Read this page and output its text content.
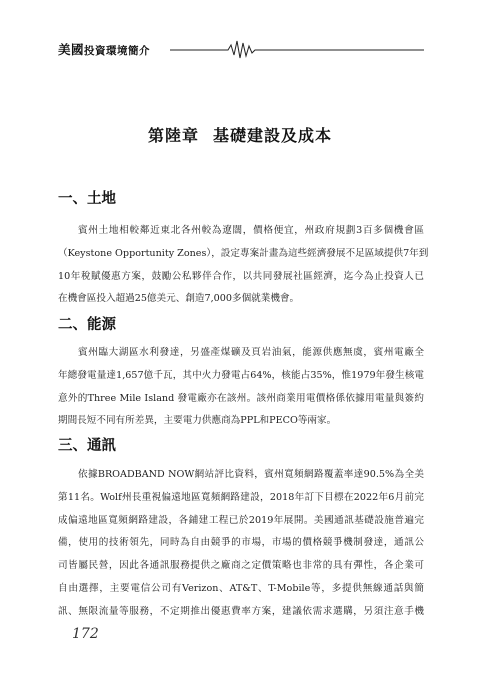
美國投資環境簡介
第陸章 基礎建設及成本
一、土地
賓州土地相較鄰近東北各州較為遼闊，價格便宜，州政府規劃3百多個機會區
（Keystone Opportunity Zones），設定專案計畫為這些經濟發展不足區域提供7年到
10年稅賦優惠方案，鼓勵公私夥伴合作，以共同發展社區經濟，迄今為止投資人已
在機會區投入超過25億美元、創造7,000多個就業機會。
二、能源
賓州臨大湖區水利發達，另盛產煤礦及頁岩油氣，能源供應無虞，賓州電廠全
年總發電量達1,657億千瓦，其中火力發電占64%，核能占35%，惟1979年發生核電
意外的Three Mile Island 發電廠亦在該州。該州商業用電價格係依據用電量與簽約
期間長短不同有所差異，主要電力供應商為PPL和PECO等兩家。
三、通訊
依據BROADBAND NOW網站評比資料，賓州寬頻網路覆蓋率達90.5%為全美
第11名。Wolf州長重視偏遠地區寬頻網路建設，2018年訂下目標在2022年6月前完
成偏遠地區寬頻網路建設，各鋪建工程已於2019年展開。美國通訊基礎設施普遍完
備，使用的技術領先，同時為自由競爭的市場，市場的價格競爭機制發達，通訊公
司皆屬民營，因此各通訊服務提供之廠商之定價策略也非常的具有彈性，各企業可
自由選擇，主要電信公司有Verizon、AT&T、T-Mobile等，多提供無線通話與簡
訊、無限流量等服務，不定期推出優惠費率方案，建議依需求選購，另須注意手機
172
